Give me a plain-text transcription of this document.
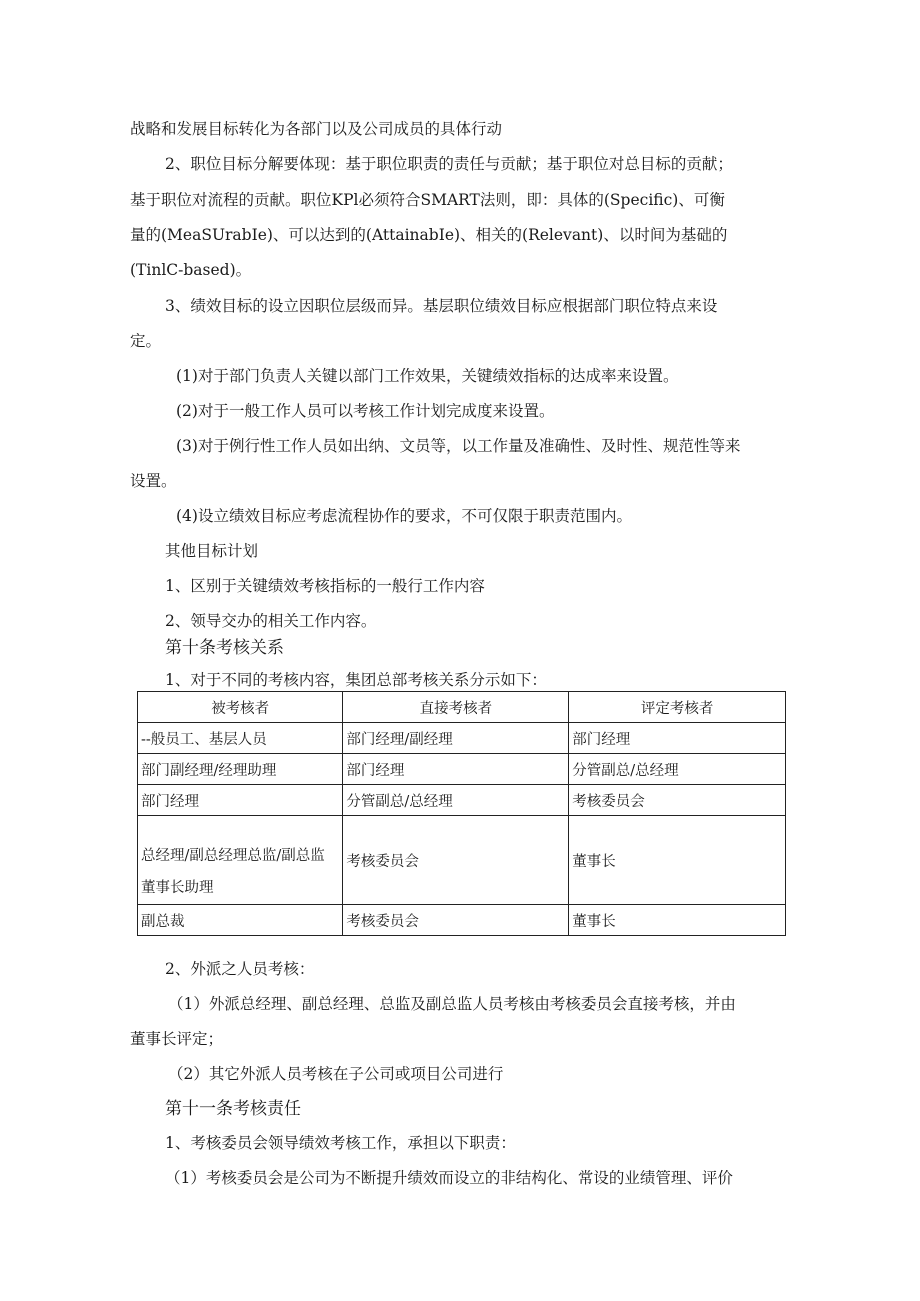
战略和发展目标转化为各部门以及公司成员的具体行动
2、职位目标分解要体现：基于职位职责的责任与贡献；基于职位对总目标的贡献；
基于职位对流程的贡献。职位KPl必须符合SMART法则，即：具体的(Specific)、可衡
量的(MeaSUrabIe)、可以达到的(AttainabIe)、相关的(Relevant)、以时间为基础的
(TinlC-based)。
3、绩效目标的设立因职位层级而异。基层职位绩效目标应根据部门职位特点来设
定。
(1)对于部门负责人关键以部门工作效果，关键绩效指标的达成率来设置。
(2)对于一般工作人员可以考核工作计划完成度来设置。
(3)对于例行性工作人员如出纳、文员等，以工作量及准确性、及时性、规范性等来
设置。
(4)设立绩效目标应考虑流程协作的要求，不可仅限于职责范围内。
其他目标计划
1、区别于关键绩效考核指标的一般行工作内容
2、领导交办的相关工作内容。
第十条考核关系
1、对于不同的考核内容，集团总部考核关系分示如下：
被考核者	直接考核者	评定考核者
--般员工、基层人员	部门经理/副经理	部门经理
部门副经理/经理助理	部门经理	分管副总/总经理
部门经理	分管副总/总经理	考核委员会

总经理/副总经理总监/副总监
董事长助理	考核委员会	董事长
副总裁	考核委员会	董事长
2、外派之人员考核：
（1）外派总经理、副总经理、总监及副总监人员考核由考核委员会直接考核，并由
董事长评定；
（2）其它外派人员考核在子公司或项目公司进行
第十一条考核责任
1、考核委员会领导绩效考核工作，承担以下职责：
（1）考核委员会是公司为不断提升绩效而设立的非结构化、常设的业绩管理、评价
